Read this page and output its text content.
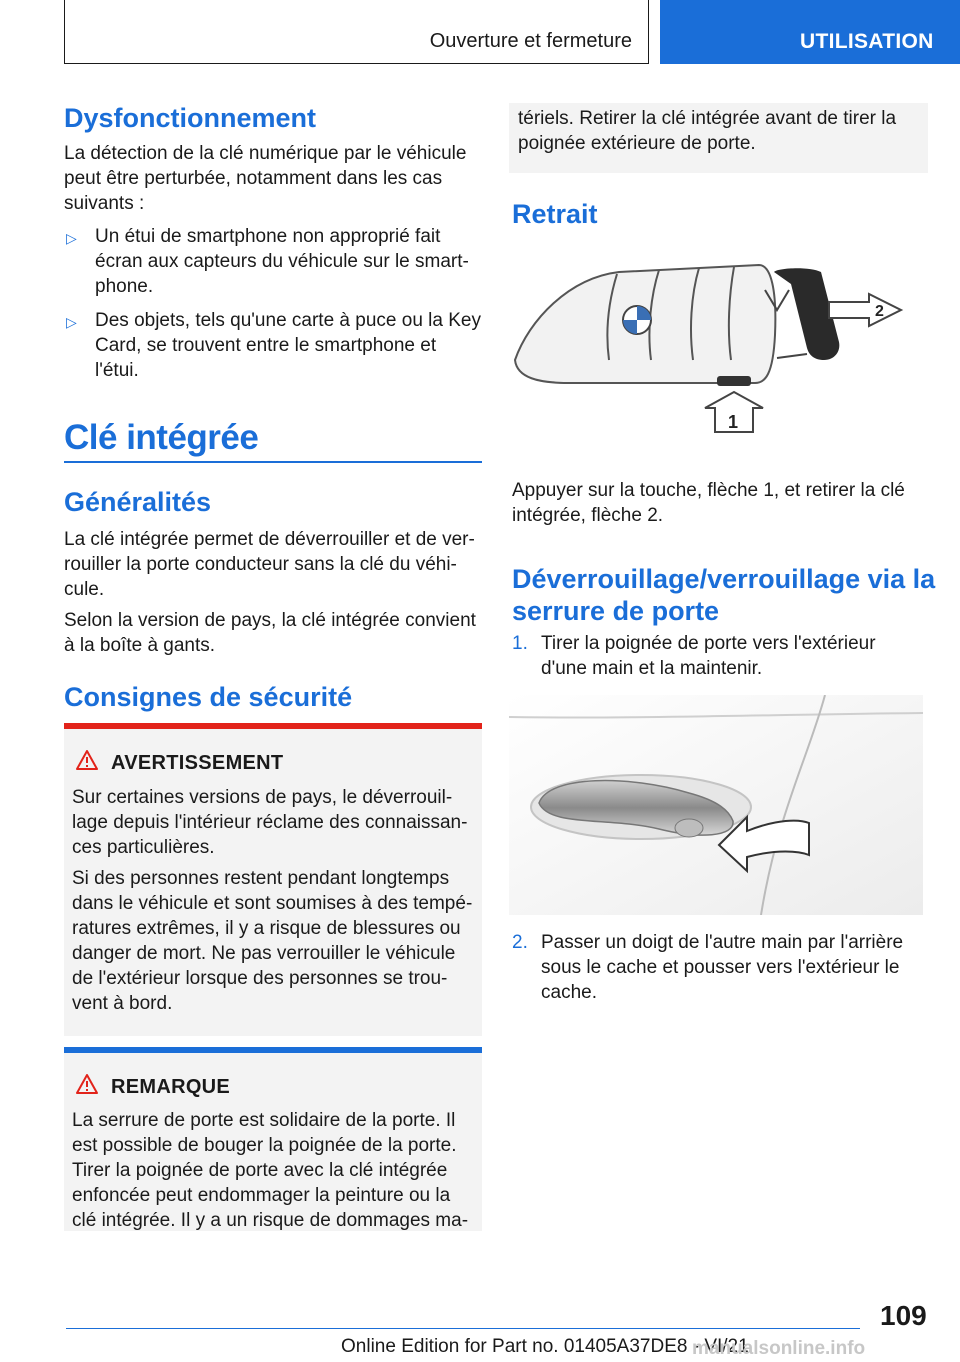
Ouverture et fermeture	UTILISATION
Dysfonctionnement
La détection de la clé numérique par le véhicule
peut être perturbée, notamment dans les cas
suivants :
▷ Un étui de smartphone non approprié fait
écran aux capteurs du véhicule sur le smart‐
phone.
▷ Des objets, tels qu'une carte à puce ou la Key
Card, se trouvent entre le smartphone et
l'étui.
Clé intégrée
Généralités
La clé intégrée permet de déverrouiller et de ver‐
rouiller la porte conducteur sans la clé du véhi‐
cule.
Selon la version de pays, la clé intégrée convient
à la boîte à gants.
Consignes de sécurité
AVERTISSEMENT
Sur certaines versions de pays, le déverrouil‐
lage depuis l'intérieur réclame des connaissan‐
ces particulières.
Si des personnes restent pendant longtemps
dans le véhicule et sont soumises à des tempé‐
ratures extrêmes, il y a risque de blessures ou
danger de mort. Ne pas verrouiller le véhicule
de l'extérieur lorsque des personnes se trou‐
vent à bord.
REMARQUE
La serrure de porte est solidaire de la porte. Il
est possible de bouger la poignée de la porte.
Tirer la poignée de porte avec la clé intégrée
enfoncée peut endommager la peinture ou la
clé intégrée. Il y a un risque de dommages ma‐
tériels. Retirer la clé intégrée avant de tirer la
poignée extérieure de porte.
Retrait
2
1
Appuyer sur la touche, flèche 1, et retirer la clé
intégrée, flèche 2.
Déverrouillage/verrouillage via la
serrure de porte
1. Tirer la poignée de porte vers l'extérieur
d'une main et la maintenir.
2. Passer un doigt de l'autre main par l'arrière
sous le cache et pousser vers l'extérieur le
cache.
109
Online Edition for Part no. 01405A37DE8 - VI/21
manualsonline.info
